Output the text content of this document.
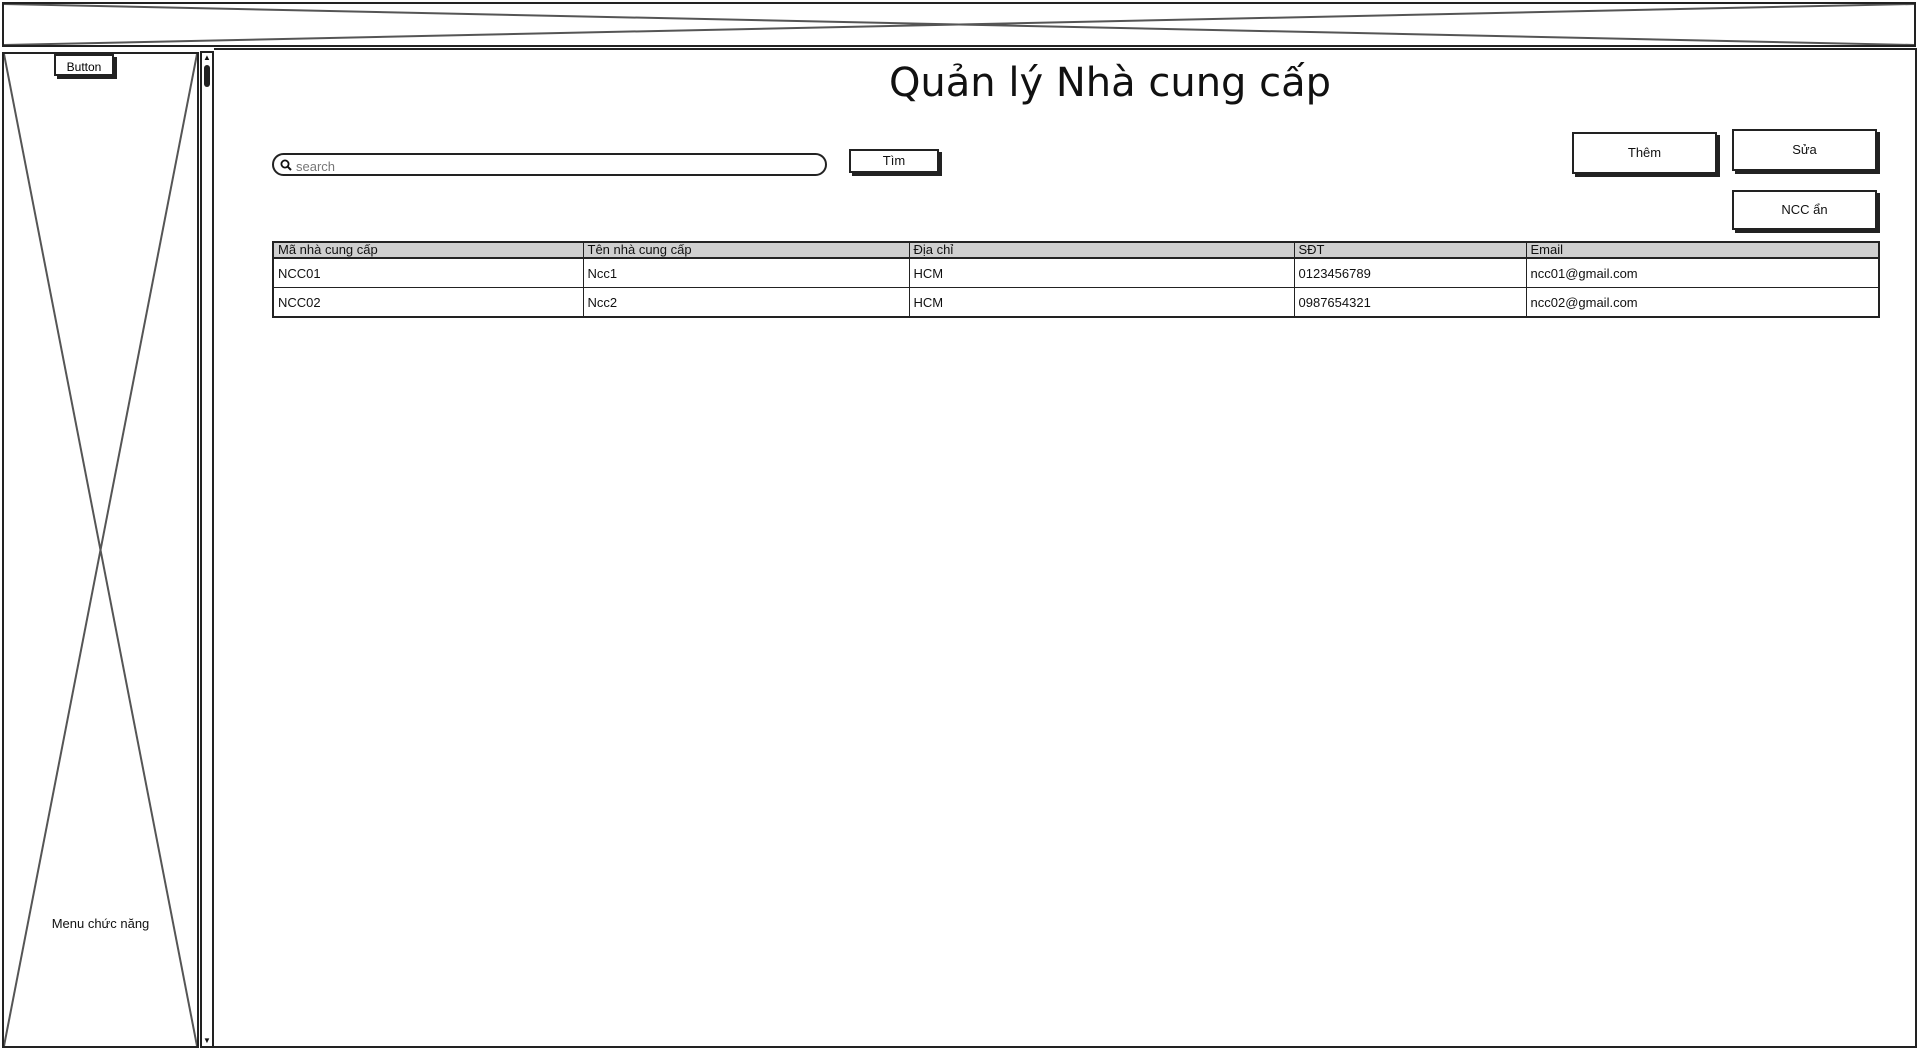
Button
Menu chức năng
▲
▼
Quản lý Nhà cung cấp
search
Tìm
Thêm	Sửa
NCC ẩn
Mã nhà cung cấp	Tên nhà cung cấp	Địa chỉ	SĐT	Email
NCC01	Ncc1	HCM	0123456789	ncc01@gmail.com
NCC02	Ncc2	HCM	0987654321	ncc02@gmail.com
